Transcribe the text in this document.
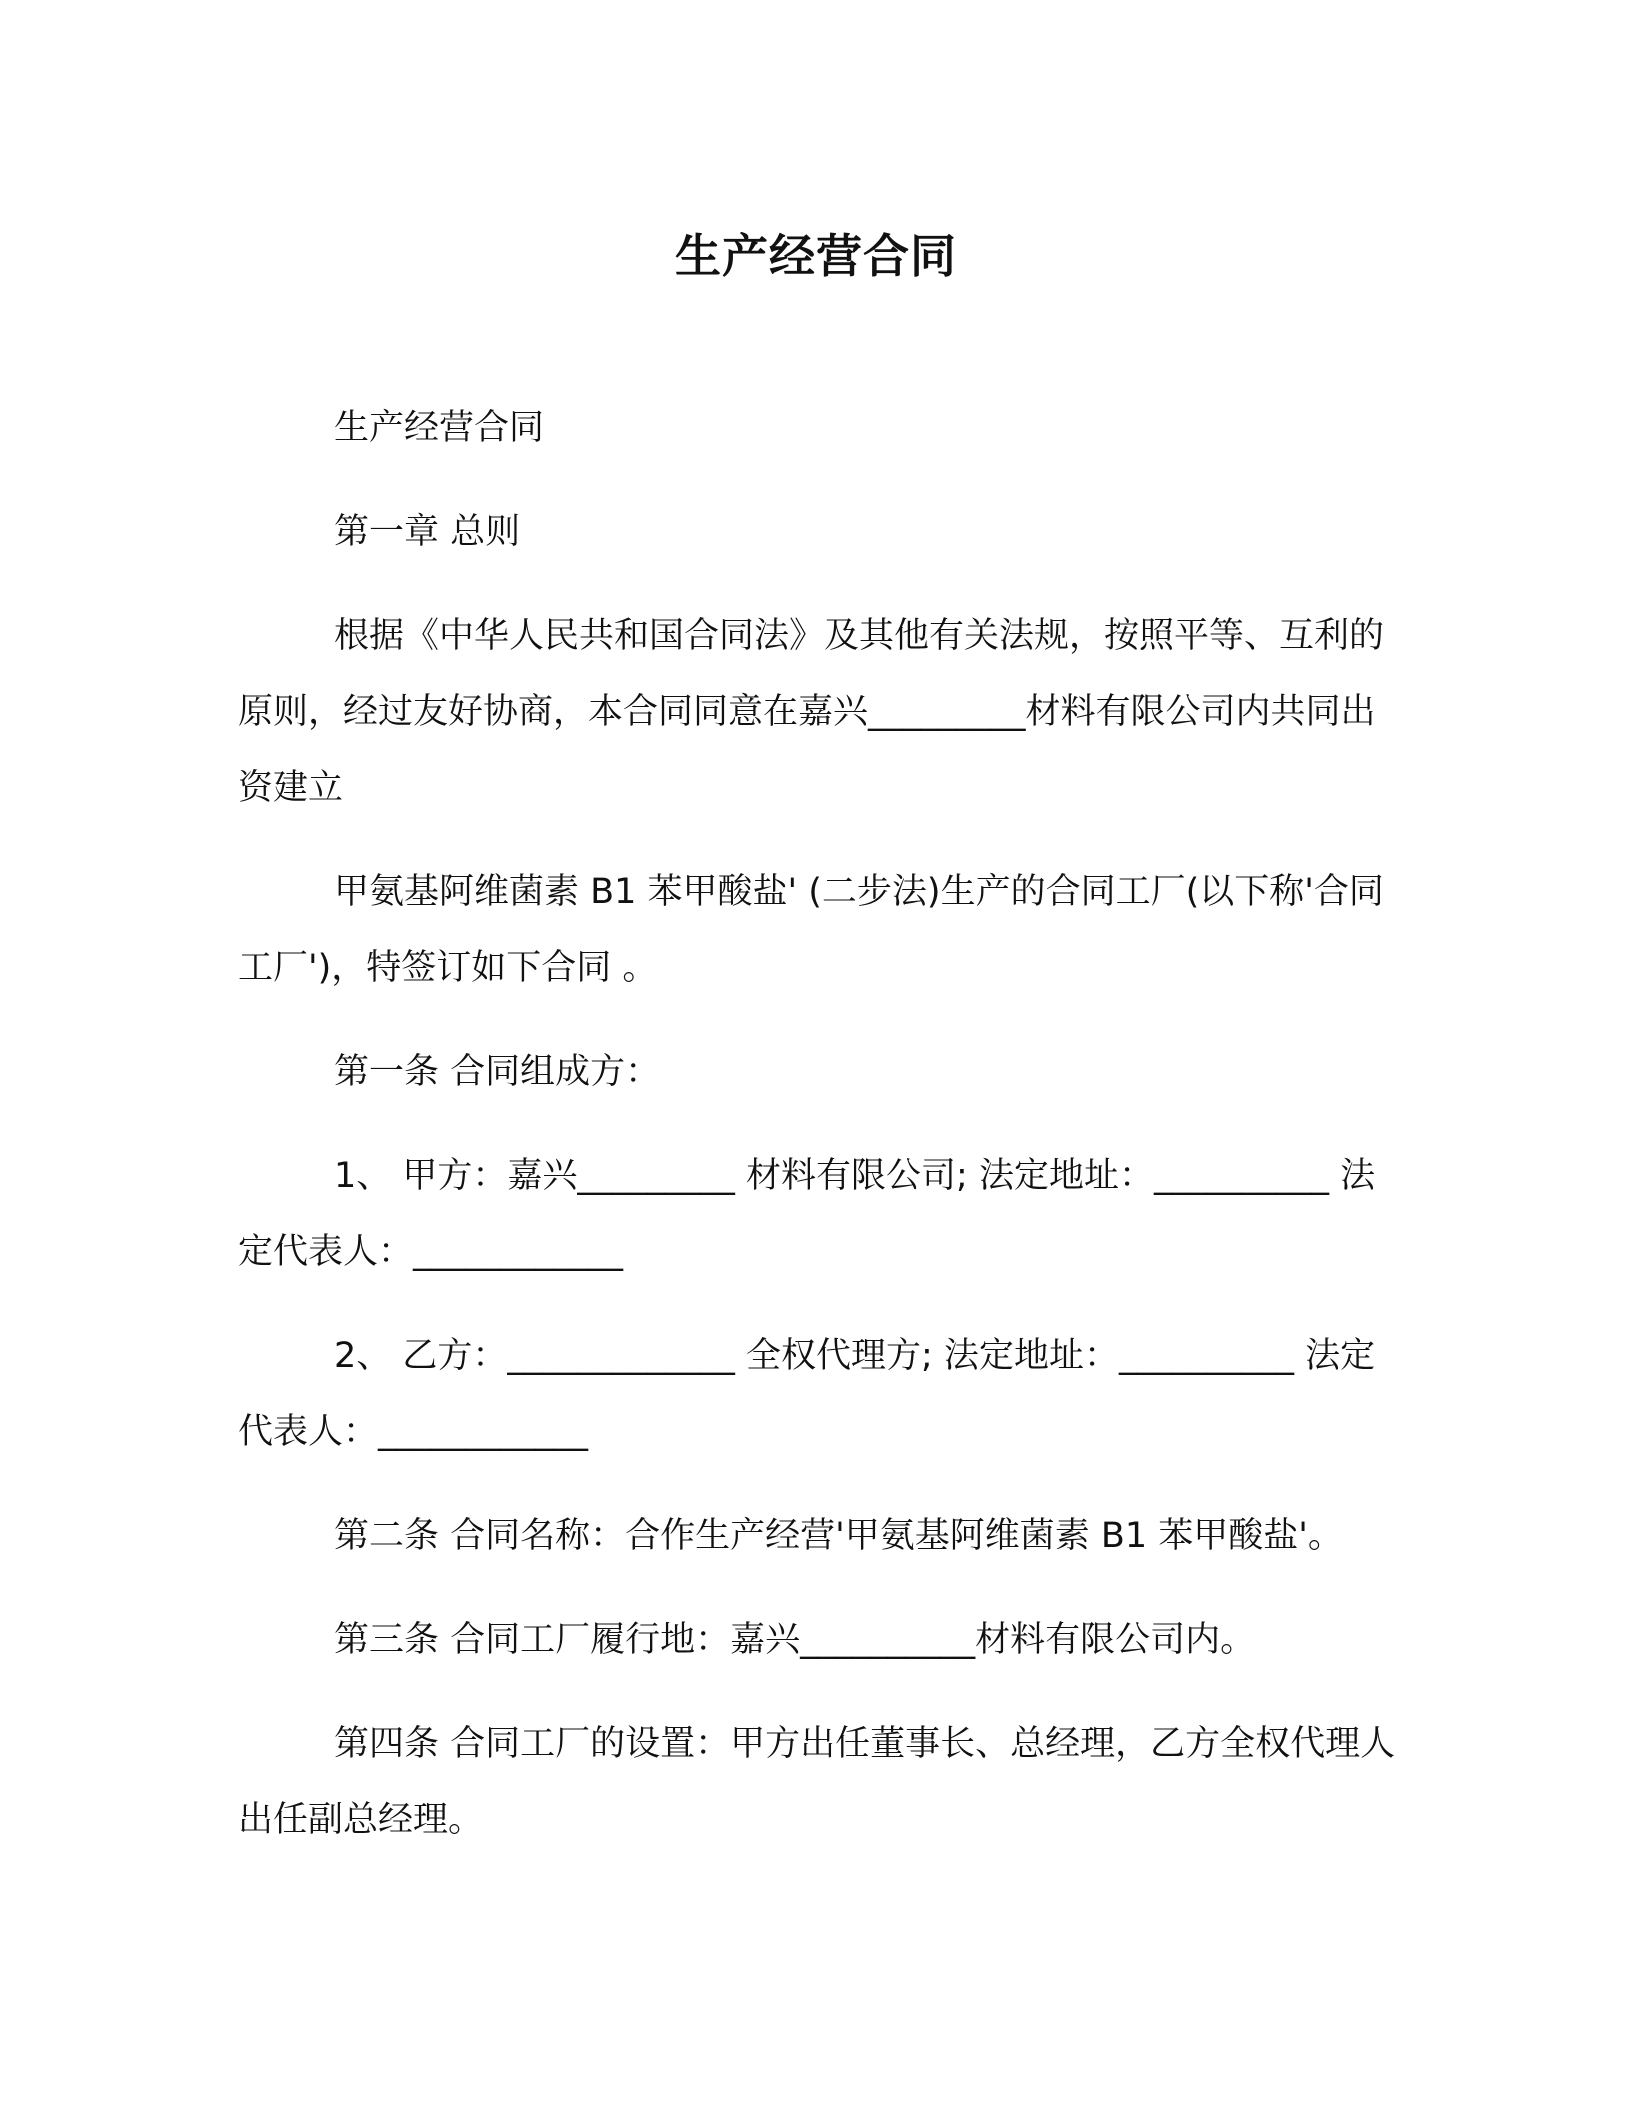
生产经营合同

生产经营合同

第一章 总则

根据《中华人民共和国合同法》及其他有关法规，按照平等、互利的原则，经过友好协商，本合同同意在嘉兴_________材料有限公司内共同出资建立

甲氨基阿维菌素 B1 苯甲酸盐' (二步法)生产的合同工厂(以下称'合同工厂')，特签订如下合同 。

第一条 合同组成方：

1、 甲方：嘉兴_________ 材料有限公司; 法定地址：__________ 法定代表人：____________

2、 乙方：_____________ 全权代理方; 法定地址：__________ 法定代表人：____________

第二条 合同名称：合作生产经营'甲氨基阿维菌素 B1 苯甲酸盐'。

第三条 合同工厂履行地：嘉兴__________材料有限公司内。

第四条 合同工厂的设置：甲方出任董事长、总经理，乙方全权代理人出任副总经理。
